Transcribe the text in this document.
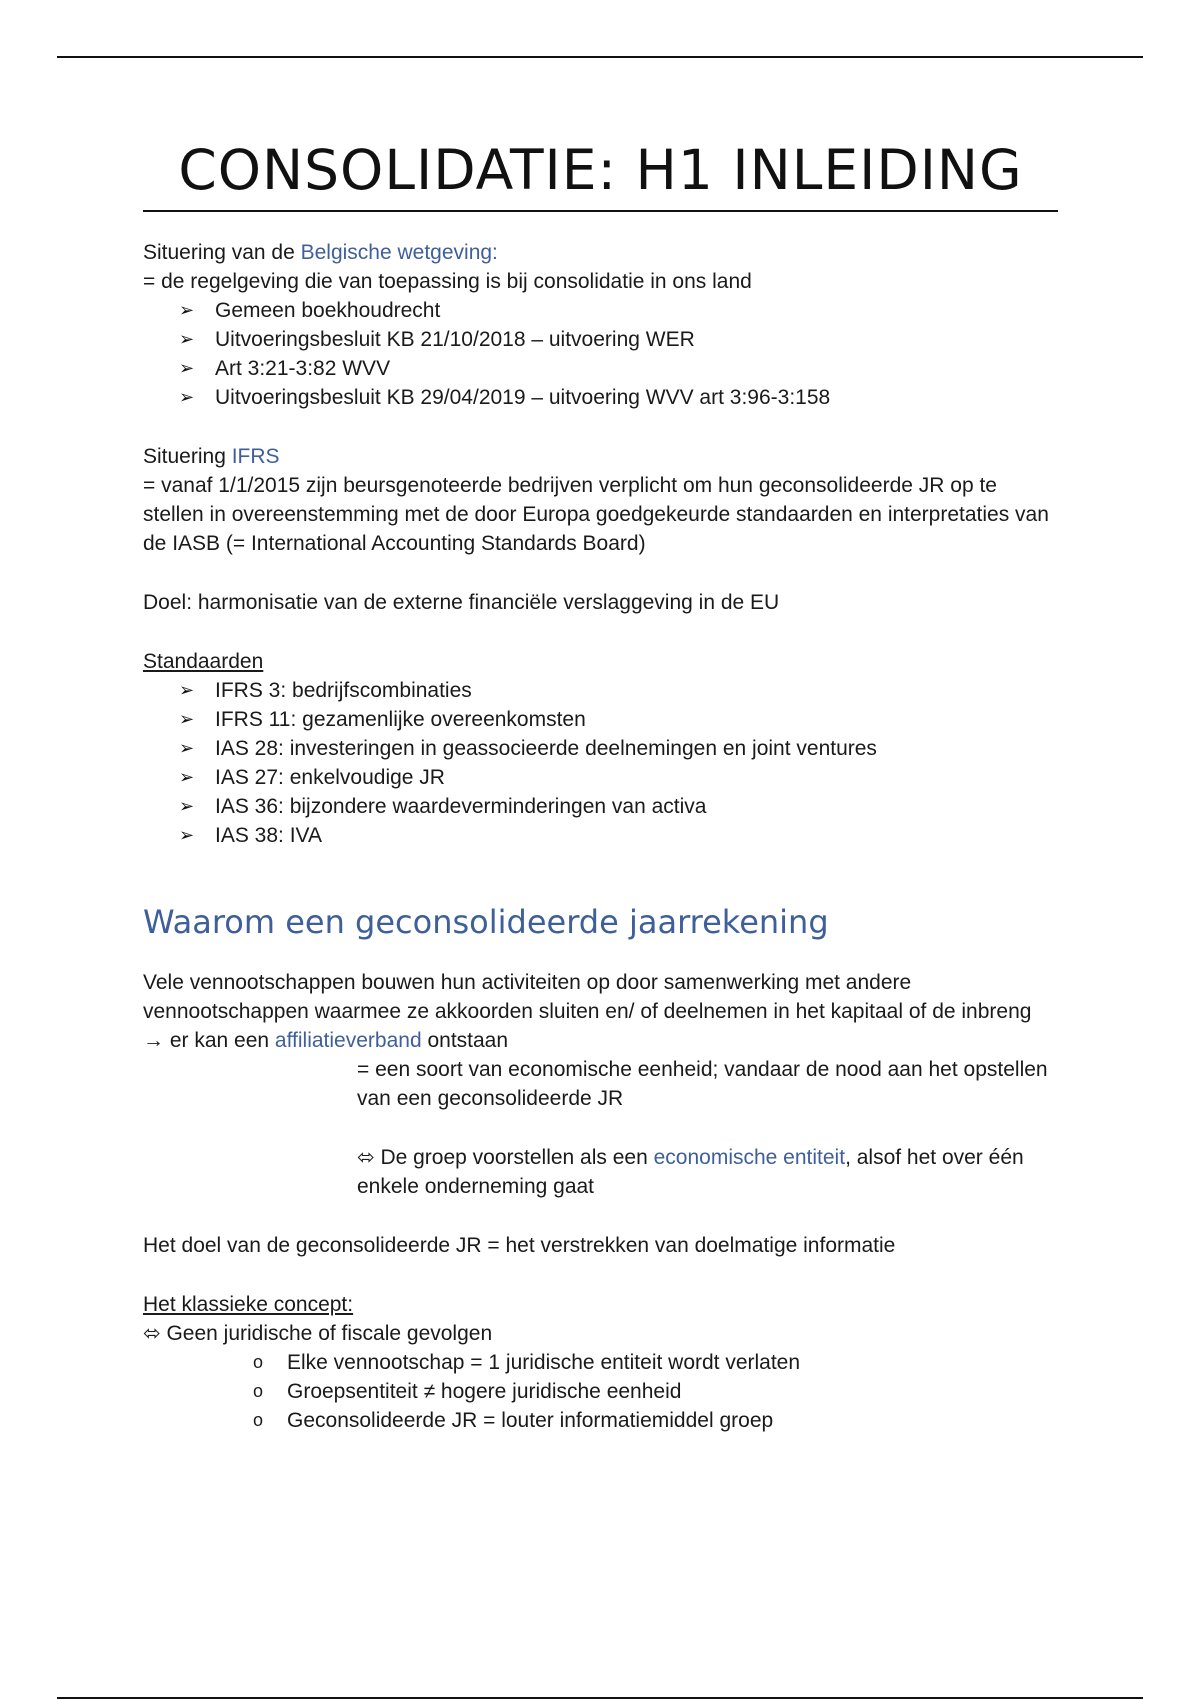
CONSOLIDATIE: H1 INLEIDING

Situering van de Belgische wetgeving:

= de regelgeving die van toepassing is bij consolidatie in ons land

➢ Gemeen boekhoudrecht
➢ Uitvoeringsbesluit KB 21/10/2018 – uitvoering WER
➢ Art 3:21-3:82 WVV
➢ Uitvoeringsbesluit KB 29/04/2019 – uitvoering WVV art 3:96-3:158

Situering IFRS

= vanaf 1/1/2015 zijn beursgenoteerde bedrijven verplicht om hun geconsolideerde JR op te stellen in overeenstemming met de door Europa goedgekeurde standaarden en interpretaties van de IASB (= International Accounting Standards Board)

Doel: harmonisatie van de externe financiële verslaggeving in de EU

Standaarden

➢ IFRS 3: bedrijfscombinaties
➢ IFRS 11: gezamenlijke overeenkomsten
➢ IAS 28: investeringen in geassocieerde deelnemingen en joint ventures
➢ IAS 27: enkelvoudige JR
➢ IAS 36: bijzondere waardeverminderingen van activa
➢ IAS 38: IVA
Waarom een geconsolideerde jaarrekening

Vele vennootschappen bouwen hun activiteiten op door samenwerking met andere vennootschappen waarmee ze akkoorden sluiten en/ of deelnemen in het kapitaal of de inbreng → er kan een affiliatieverband ontstaan

= een soort van economische eenheid; vandaar de nood aan het opstellen van een geconsolideerde JR

⬄ De groep voorstellen als een economische entiteit, alsof het over één enkele onderneming gaat

Het doel van de geconsolideerde JR = het verstrekken van doelmatige informatie

Het klassieke concept:

⬄ Geen juridische of fiscale gevolgen

o Elke vennootschap = 1 juridische entiteit wordt verlaten
o Groepsentiteit ≠ hogere juridische eenheid
o Geconsolideerde JR = louter informatiemiddel groep
